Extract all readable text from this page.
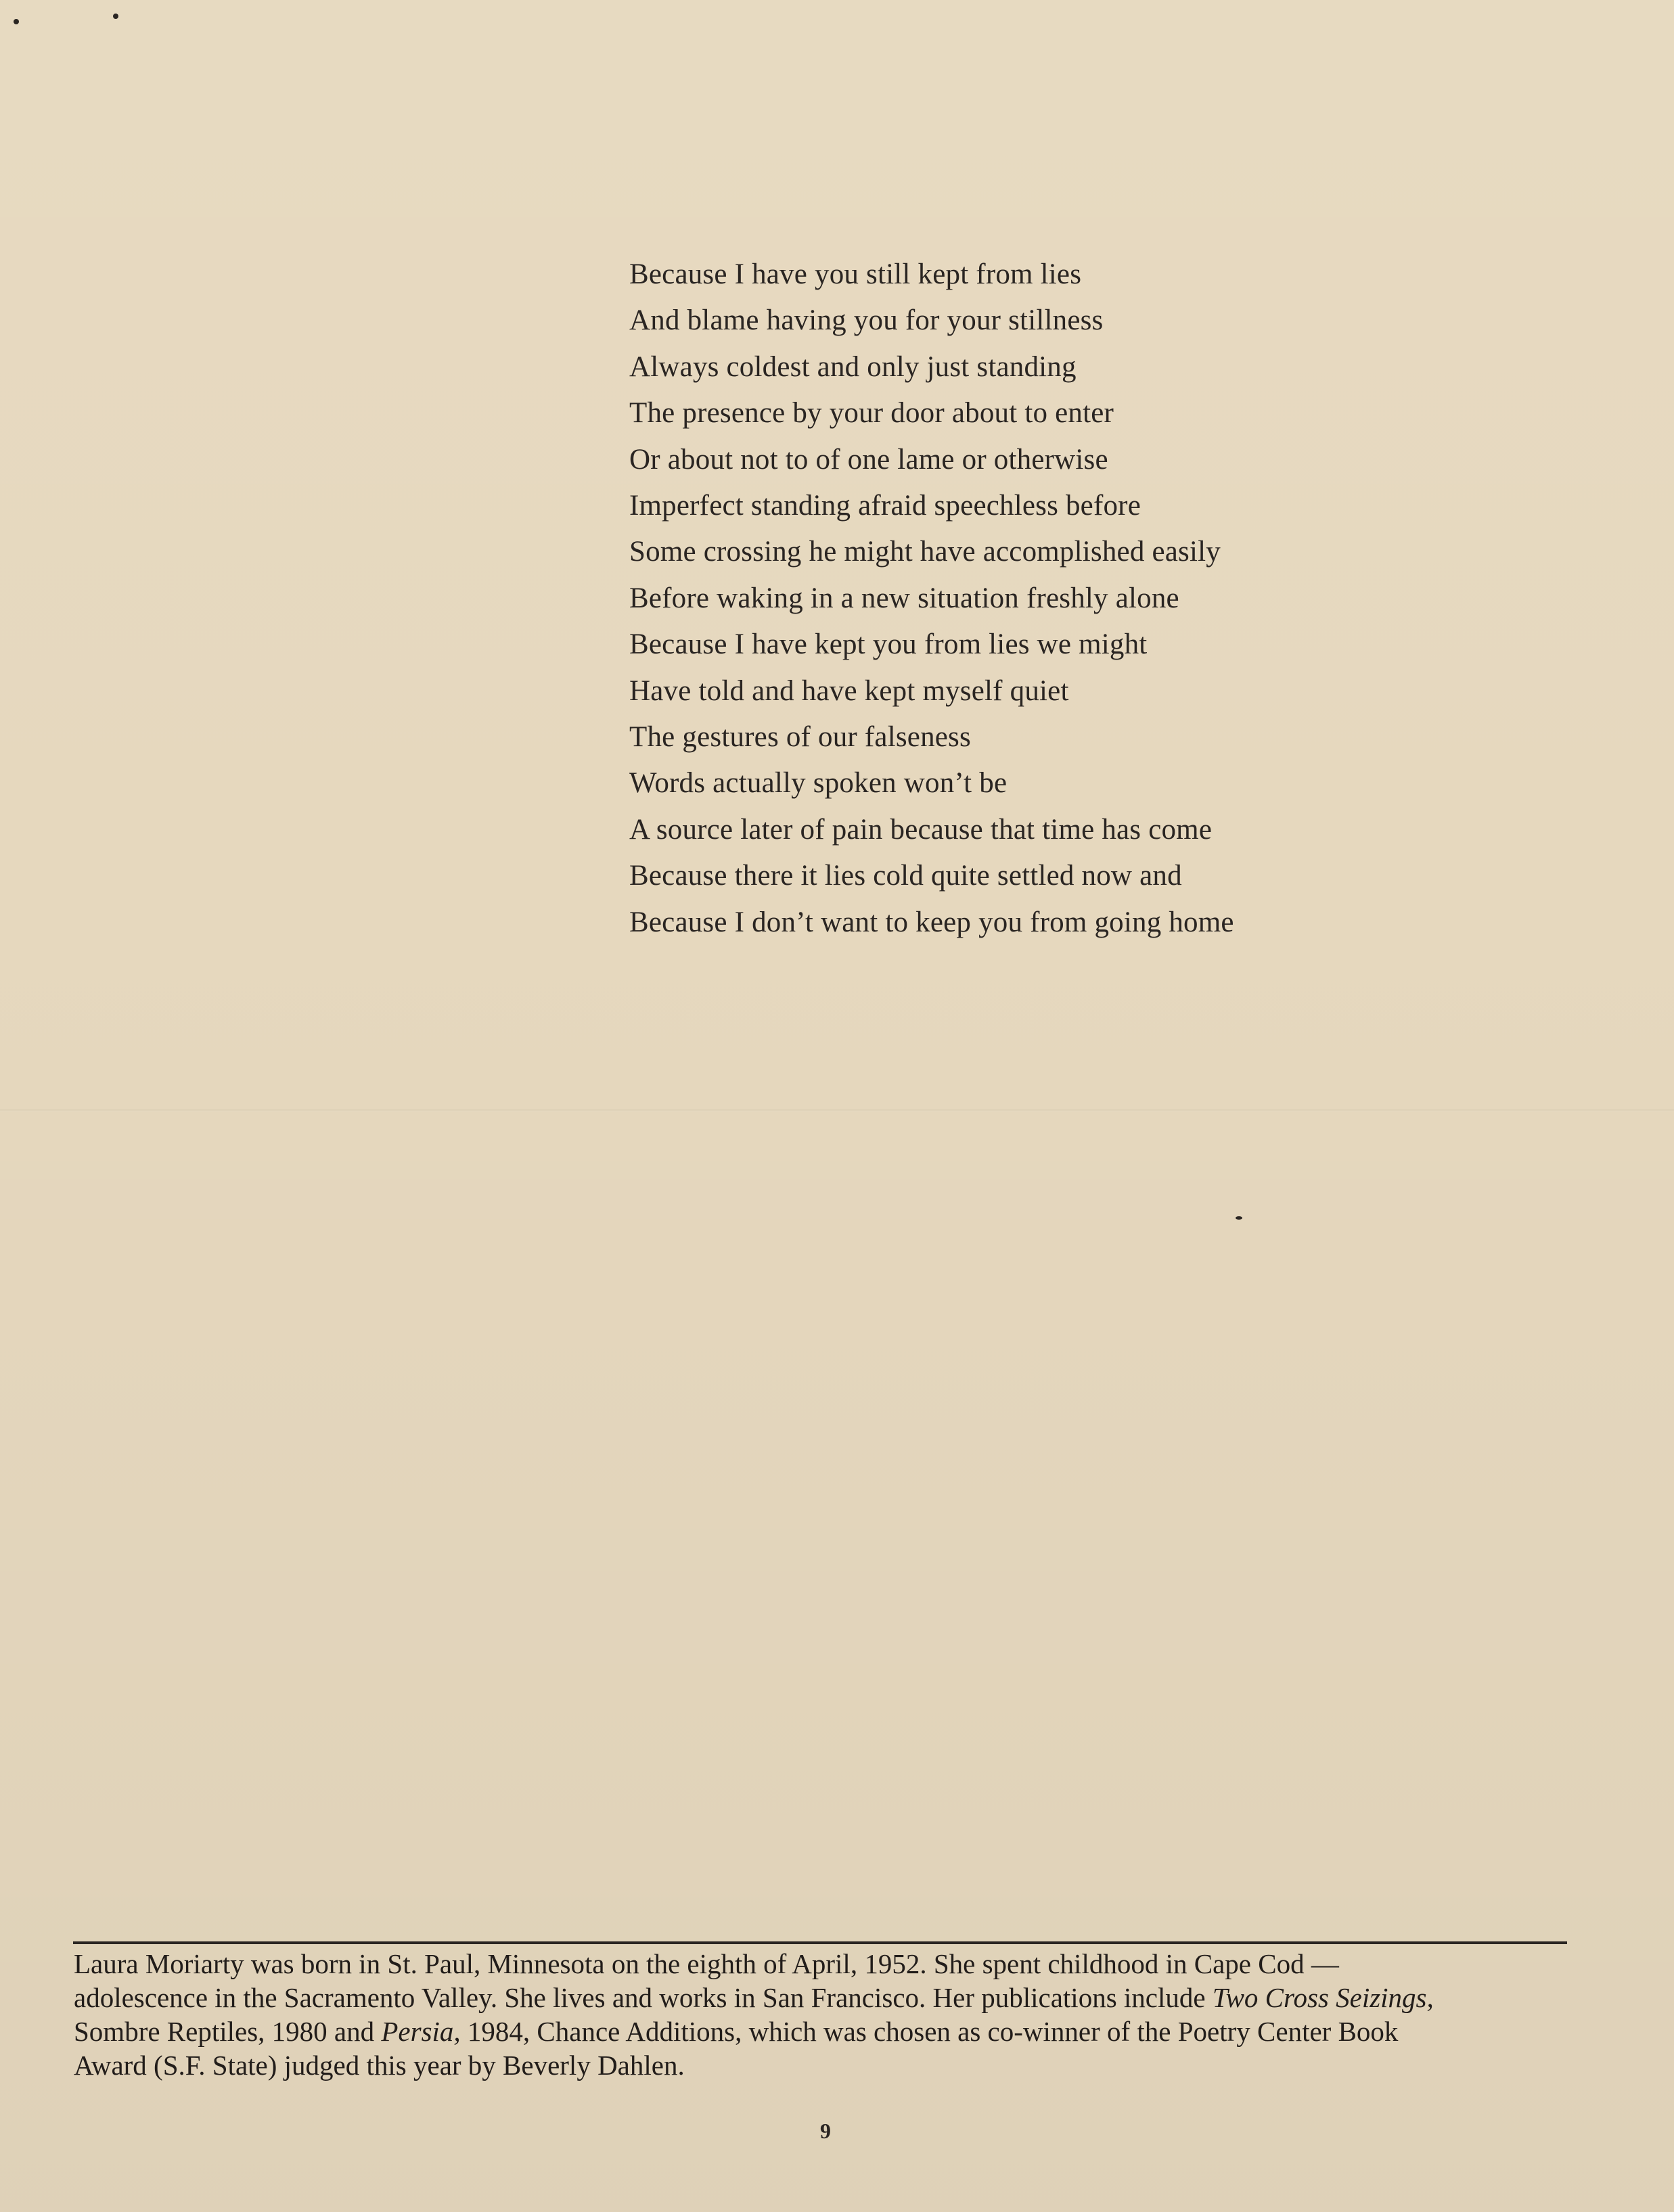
Because I have you still kept from lies
And blame having you for your stillness
Always coldest and only just standing
The presence by your door about to enter
Or about not to of one lame or otherwise
Imperfect standing afraid speechless before
Some crossing he might have accomplished easily
Before waking in a new situation freshly alone
Because I have kept you from lies we might
Have told and have kept myself quiet
The gestures of our falseness
Words actually spoken won’t be
A source later of pain because that time has come
Because there it lies cold quite settled now and
Because I don’t want to keep you from going home

Laura Moriarty was born in St. Paul, Minnesota on the eighth of April, 1952. She spent childhood in Cape Cod —

adolescence in the Sacramento Valley. She lives and works in San Francisco. Her publications include Two Cross Seizings,

Sombre Reptiles, 1980 and Persia, 1984, Chance Additions, which was chosen as co-winner of the Poetry Center Book

Award (S.F. State) judged this year by Beverly Dahlen.

9
